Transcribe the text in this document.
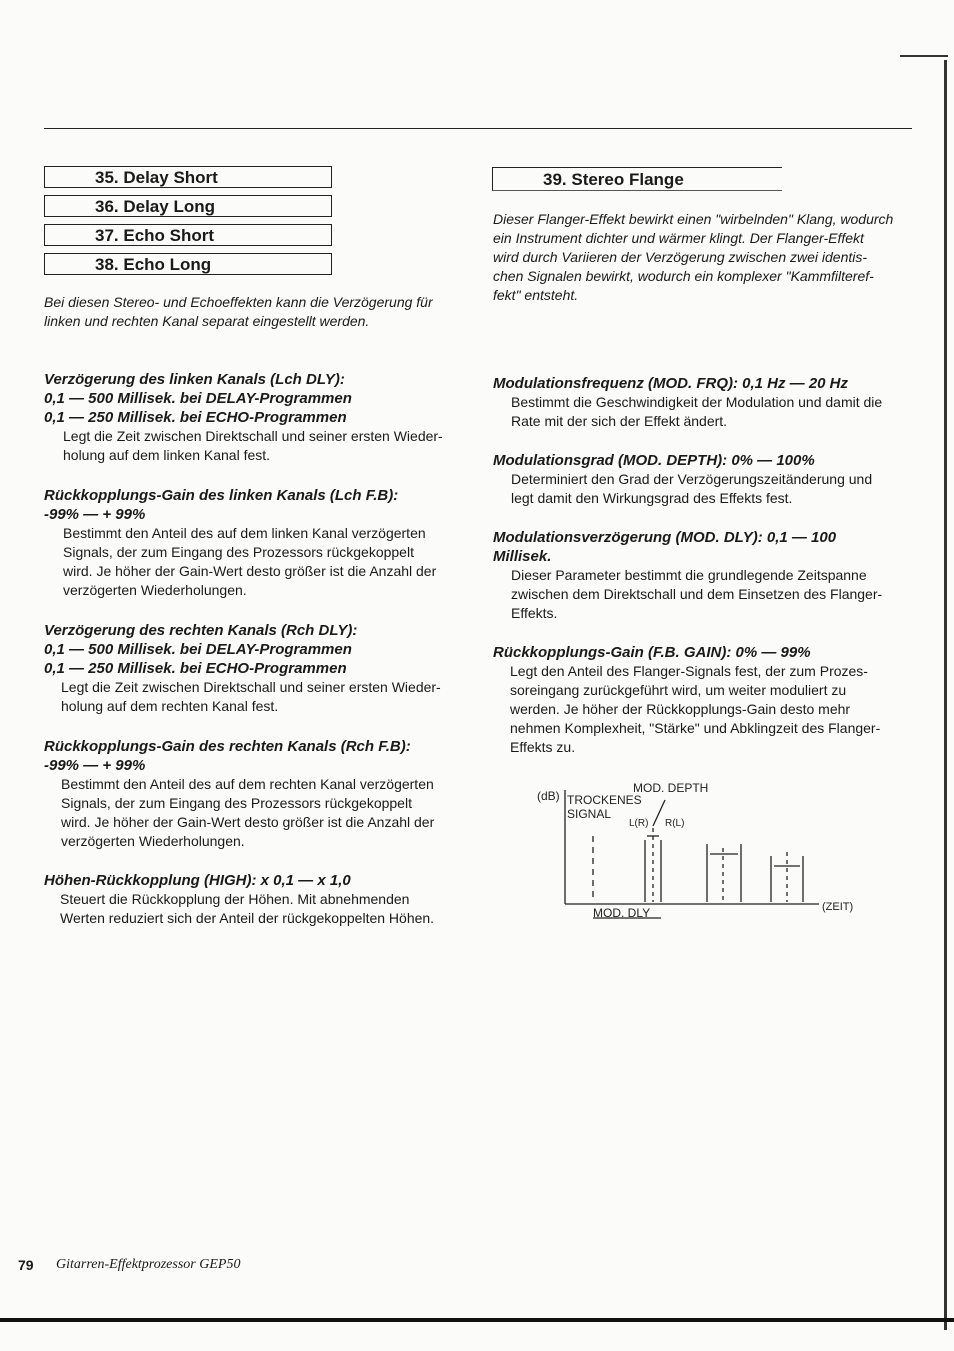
35. Delay Short
36. Delay Long
37. Echo Short
38. Echo Long
Bei diesen Stereo- und Echoeffekten kann die Verzögerung für
linken und rechten Kanal separat eingestellt werden.
39. Stereo Flange
Dieser Flanger-Effekt bewirkt einen "wirbelnden" Klang, wodurch
ein Instrument dichter und wärmer klingt. Der Flanger-Effekt
wird durch Variieren der Verzögerung zwischen zwei identis-
chen Signalen bewirkt, wodurch ein komplexer "Kammfilteref-
fekt" entsteht.
Verzögerung des linken Kanals (Lch DLY):
0,1 — 500 Millisek. bei DELAY-Programmen
0,1 — 250 Millisek. bei ECHO-Programmen
Legt die Zeit zwischen Direktschall und seiner ersten Wieder-
holung auf dem linken Kanal fest.
Rückkopplungs-Gain des linken Kanals (Lch F.B):
-99% — + 99%
Bestimmt den Anteil des auf dem linken Kanal verzögerten
Signals, der zum Eingang des Prozessors rückgekoppelt
wird. Je höher der Gain-Wert desto größer ist die Anzahl der
verzögerten Wiederholungen.
Verzögerung des rechten Kanals (Rch DLY):
0,1 — 500 Millisek. bei DELAY-Programmen
0,1 — 250 Millisek. bei ECHO-Programmen
Legt die Zeit zwischen Direktschall und seiner ersten Wieder-
holung auf dem rechten Kanal fest.
Rückkopplungs-Gain des rechten Kanals (Rch F.B):
-99% — + 99%
Bestimmt den Anteil des auf dem rechten Kanal verzögerten
Signals, der zum Eingang des Prozessors rückgekoppelt
wird. Je höher der Gain-Wert desto größer ist die Anzahl der
verzögerten Wiederholungen.
Höhen-Rückkopplung (HIGH): x 0,1 — x 1,0
Steuert die Rückkopplung der Höhen. Mit abnehmenden
Werten reduziert sich der Anteil der rückgekoppelten Höhen.
Modulationsfrequenz (MOD. FRQ): 0,1 Hz — 20 Hz
Bestimmt die Geschwindigkeit der Modulation und damit die
Rate mit der sich der Effekt ändert.
Modulationsgrad (MOD. DEPTH): 0% — 100%
Determiniert den Grad der Verzögerungszeitänderung und
legt damit den Wirkungsgrad des Effekts fest.
Modulationsverzögerung (MOD. DLY): 0,1 — 100
Millisek.
Dieser Parameter bestimmt die grundlegende Zeitspanne
zwischen dem Direktschall und dem Einsetzen des Flanger-
Effekts.
Rückkopplungs-Gain (F.B. GAIN): 0% — 99%
Legt den Anteil des Flanger-Signals fest, der zum Prozes-
soreingang zurückgeführt wird, um weiter moduliert zu
werden. Je höher der Rückkopplungs-Gain desto mehr
nehmen Komplexheit, "Stärke" und Abklingzeit des Flanger-
Effekts zu.
(dB) TROCKENES
SIGNAL
MOD. DEPTH
L(R) R(L)
MOD. DLY	(ZEIT)
79 Gitarren-Effektprozessor GEP50
